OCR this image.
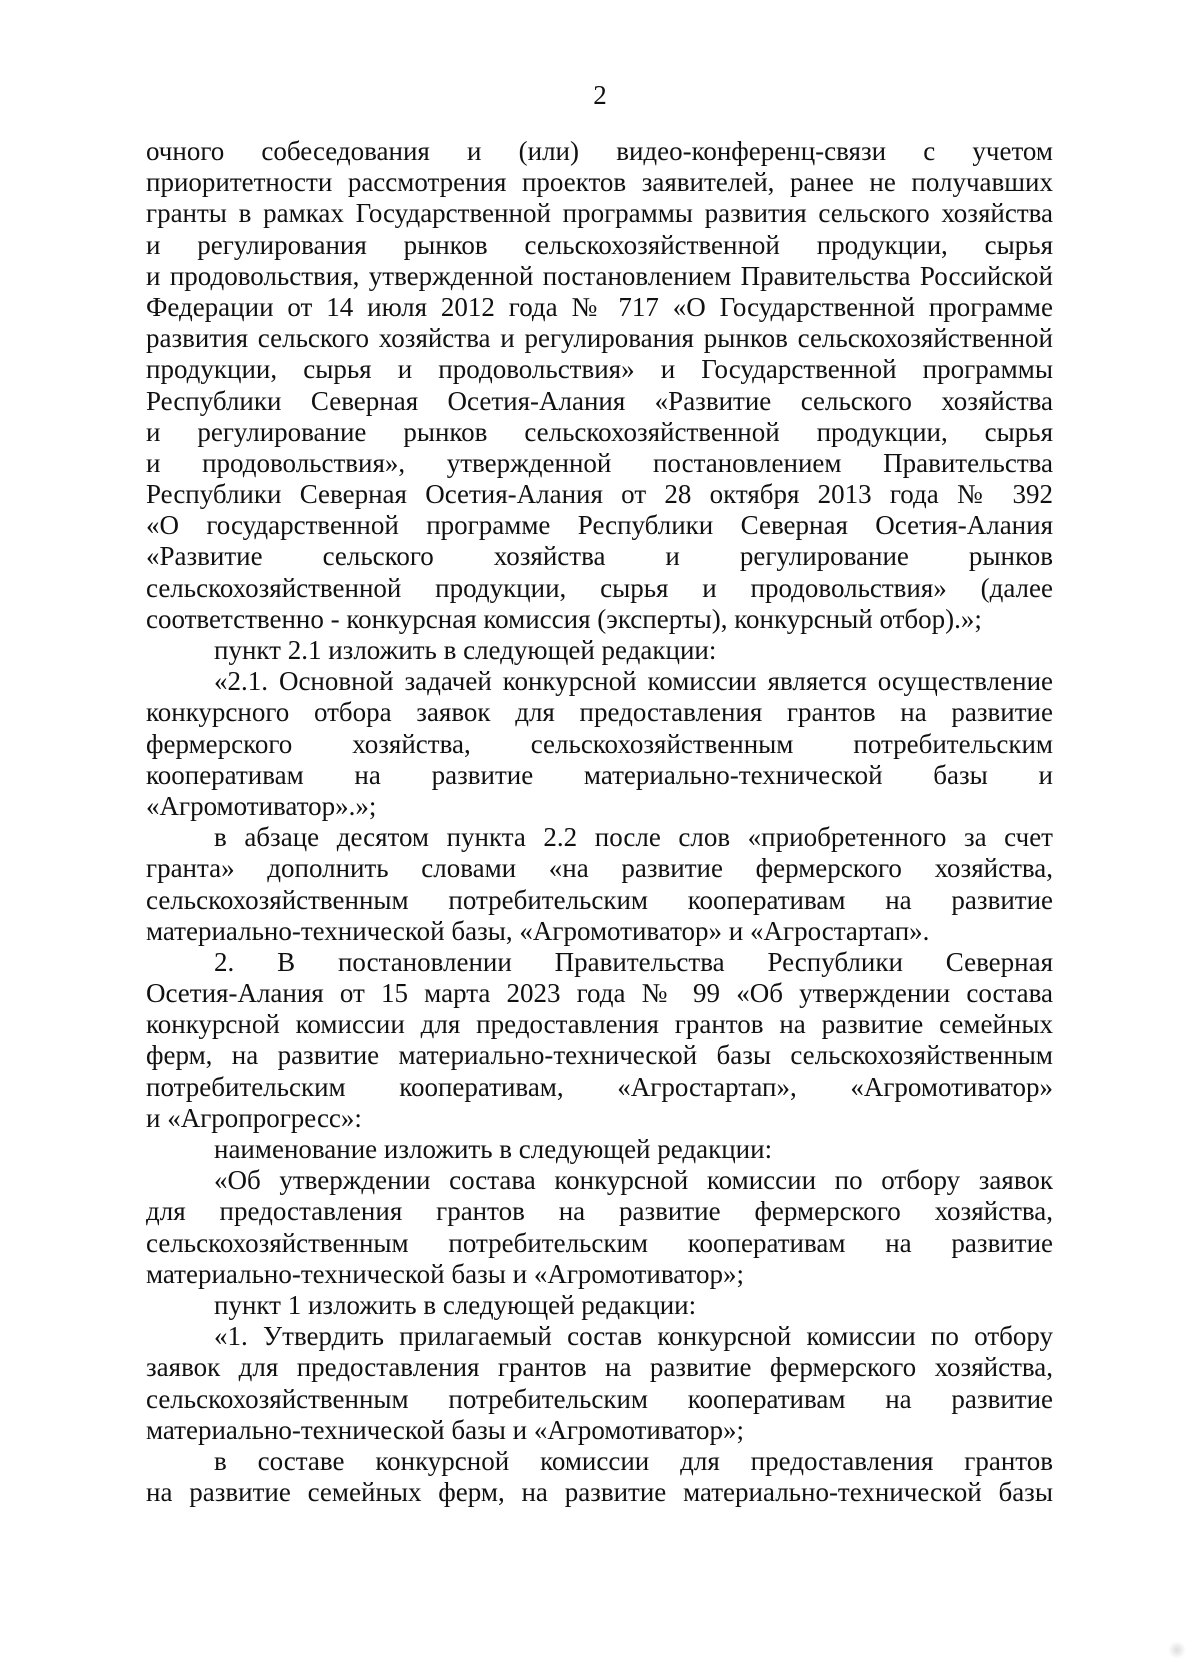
2
очного собеседования и (или) видео-конференц-связи с учетом
приоритетности рассмотрения проектов заявителей, ранее не получавших
гранты в рамках Государственной программы развития сельского хозяйства
и регулирования рынков сельскохозяйственной продукции, сырья
и продовольствия, утвержденной постановлением Правительства Российской
Федерации от 14 июля 2012 года № 717 «О Государственной программе
развития сельского хозяйства и регулирования рынков сельскохозяйственной
продукции, сырья и продовольствия» и Государственной программы
Республики Северная Осетия-Алания «Развитие сельского хозяйства
и регулирование рынков сельскохозяйственной продукции, сырья
и продовольствия», утвержденной постановлением Правительства
Республики Северная Осетия-Алания от 28 октября 2013 года № 392
«О государственной программе Республики Северная Осетия-Алания
«Развитие сельского хозяйства и регулирование рынков
сельскохозяйственной продукции, сырья и продовольствия» (далее
соответственно - конкурсная комиссия (эксперты), конкурсный отбор).»;
пункт 2.1 изложить в следующей редакции:
«2.1. Основной задачей конкурсной комиссии является осуществление
конкурсного отбора заявок для предоставления грантов на развитие
фермерского хозяйства, сельскохозяйственным потребительским
кооперативам на развитие материально-технической базы и
«Агромотиватор».»;
в абзаце десятом пункта 2.2 после слов «приобретенного за счет
гранта» дополнить словами «на развитие фермерского хозяйства,
сельскохозяйственным потребительским кооперативам на развитие
материально-технической базы, «Агромотиватор» и «Агростартап».
2. В постановлении Правительства Республики Северная
Осетия-Алания от 15 марта 2023 года № 99 «Об утверждении состава
конкурсной комиссии для предоставления грантов на развитие семейных
ферм, на развитие материально-технической базы сельскохозяйственным
потребительским кооперативам, «Агростартап», «Агромотиватор»
и «Агропрогресс»:
наименование изложить в следующей редакции:
«Об утверждении состава конкурсной комиссии по отбору заявок
для предоставления грантов на развитие фермерского хозяйства,
сельскохозяйственным потребительским кооперативам на развитие
материально-технической базы и «Агромотиватор»;
пункт 1 изложить в следующей редакции:
«1. Утвердить прилагаемый состав конкурсной комиссии по отбору
заявок для предоставления грантов на развитие фермерского хозяйства,
сельскохозяйственным потребительским кооперативам на развитие
материально-технической базы и «Агромотиватор»;
в составе конкурсной комиссии для предоставления грантов
на развитие семейных ферм, на развитие материально-технической базы
